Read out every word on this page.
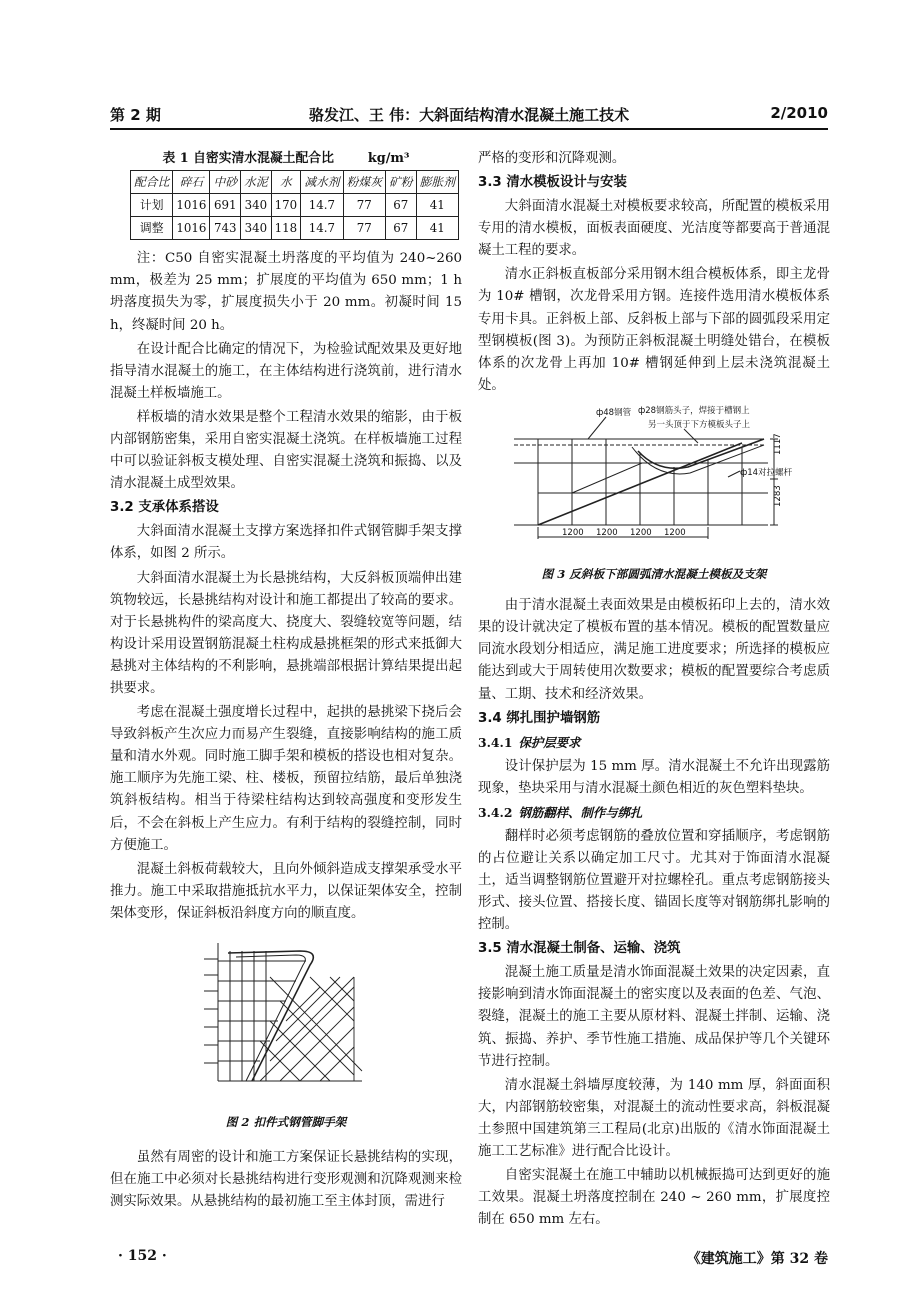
第 2 期	骆发江、王 伟：大斜面结构清水混凝土施工技术	2/2010
表 1 自密实清水混凝土配合比	kg/m³
配合比	碎石	中砂	水泥	水	减水剂	粉煤灰	矿粉	膨胀剂
计划	1016	691	340	170	14.7	77	67	41
调整	1016	743	340	118	14.7	77	67	41

注：C50 自密实混凝土坍落度的平均值为 240~260 mm，极差为 25 mm；扩展度的平均值为 650 mm；1 h 坍落度损失为零，扩展度损失小于 20 mm。初凝时间 15 h，终凝时间 20 h。

在设计配合比确定的情况下，为检验试配效果及更好地指导清水混凝土的施工，在主体结构进行浇筑前，进行清水混凝土样板墙施工。

样板墙的清水效果是整个工程清水效果的缩影，由于板内部钢筋密集，采用自密实混凝土浇筑。在样板墙施工过程中可以验证斜板支模处理、自密实混凝土浇筑和振捣、以及清水混凝土成型效果。

3.2 支承体系搭设

大斜面清水混凝土支撑方案选择扣件式钢管脚手架支撑体系，如图 2 所示。

大斜面清水混凝土为长悬挑结构，大反斜板顶端伸出建筑物较远，长悬挑结构对设计和施工都提出了较高的要求。对于长悬挑构件的梁高度大、挠度大、裂缝较宽等问题，结构设计采用设置钢筋混凝土柱构成悬挑框架的形式来抵御大悬挑对主体结构的不利影响，悬挑端部根据计算结果提出起拱要求。

考虑在混凝土强度增长过程中，起拱的悬挑梁下挠后会导致斜板产生次应力而易产生裂缝，直接影响结构的施工质量和清水外观。同时施工脚手架和模板的搭设也相对复杂。施工顺序为先施工梁、柱、楼板，预留拉结筋，最后单独浇筑斜板结构。相当于待梁柱结构达到较高强度和变形发生后，不会在斜板上产生应力。有利于结构的裂缝控制，同时方便施工。

混凝土斜板荷载较大，且向外倾斜造成支撑架承受水平推力。施工中采取措施抵抗水平力，以保证架体安全，控制架体变形，保证斜板沿斜度方向的顺直度。

图 2 扣件式钢管脚手架

虽然有周密的设计和施工方案保证长悬挑结构的实现，但在施工中必须对长悬挑结构进行变形观测和沉降观测来检测实际效果。从悬挑结构的最初施工至主体封顶，需进行

严格的变形和沉降观测。

3.3 清水模板设计与安装

大斜面清水混凝土对模板要求较高，所配置的模板采用专用的清水模板，面板表面硬度、光洁度等都要高于普通混凝土工程的要求。

清水正斜板直板部分采用钢木组合模板体系，即主龙骨为 10# 槽钢，次龙骨采用方钢。连接件选用清水模板体系专用卡具。正斜板上部、反斜板上部与下部的圆弧段采用定型钢模板(图 3)。为预防正斜板混凝土明缝处错台，在模板体系的次龙骨上再加 10# 槽钢延伸到上层未浇筑混凝土处。

ф48钢管 ф28钢筋头子，焊接于槽钢上
另一头顶于下方模板头子上
ф14对拉螺杆
1117
1283
1200 1200 1200 1200
图 3 反斜板下部圆弧清水混凝土模板及支架

由于清水混凝土表面效果是由模板拓印上去的，清水效果的设计就决定了模板布置的基本情况。模板的配置数量应同流水段划分相适应，满足施工进度要求；所选择的模板应能达到或大于周转使用次数要求；模板的配置要综合考虑质量、工期、技术和经济效果。

3.4 绑扎围护墙钢筋
3.4.1 保护层要求

设计保护层为 15 mm 厚。清水混凝土不允许出现露筋现象，垫块采用与清水混凝土颜色相近的灰色塑料垫块。

3.4.2 钢筋翻样、制作与绑扎

翻样时必须考虑钢筋的叠放位置和穿插顺序，考虑钢筋的占位避让关系以确定加工尺寸。尤其对于饰面清水混凝土，适当调整钢筋位置避开对拉螺栓孔。重点考虑钢筋接头形式、接头位置、搭接长度、锚固长度等对钢筋绑扎影响的控制。

3.5 清水混凝土制备、运输、浇筑

混凝土施工质量是清水饰面混凝土效果的决定因素，直接影响到清水饰面混凝土的密实度以及表面的色差、气泡、裂缝，混凝土的施工主要从原材料、混凝土拌制、运输、浇筑、振捣、养护、季节性施工措施、成品保护等几个关键环节进行控制。

清水混凝土斜墙厚度较薄，为 140 mm 厚，斜面面积大，内部钢筋较密集，对混凝土的流动性要求高，斜板混凝土参照中国建筑第三工程局(北京)出版的《清水饰面混凝土施工工艺标准》进行配合比设计。

自密实混凝土在施工中辅助以机械振捣可达到更好的施工效果。混凝土坍落度控制在 240 ~ 260 mm，扩展度控制在 650 mm 左右。

· 152 ·	《建筑施工》第 32 卷
